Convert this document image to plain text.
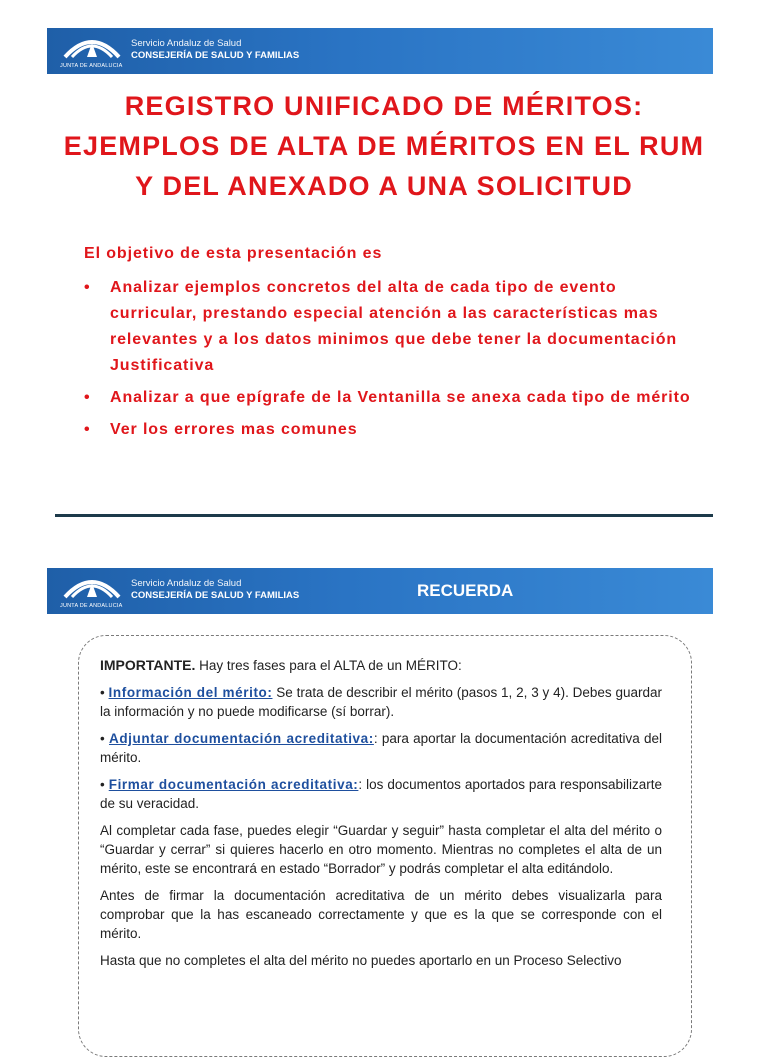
JUNTA DE ANDALUCIA
Servicio Andaluz de Salud
CONSEJERÍA DE SALUD Y FAMILIAS
REGISTRO UNIFICADO DE MÉRITOS:
EJEMPLOS DE ALTA DE MÉRITOS EN EL RUM
Y DEL ANEXADO A UNA SOLICITUD
El objetivo de esta presentación es
• Analizar ejemplos concretos del alta de cada tipo de evento curricular, prestando especial atención a las características mas relevantes y a los datos minimos que debe tener la documentación Justificativa
• Analizar a que epígrafe de la Ventanilla se anexa cada tipo de mérito
• Ver los errores mas comunes
JUNTA DE ANDALUCIA
Servicio Andaluz de Salud
CONSEJERÍA DE SALUD Y FAMILIAS	RECUERDA

IMPORTANTE. Hay tres fases para el ALTA de un MÉRITO:

• Información del mérito: Se trata de describir el mérito (pasos 1, 2, 3 y 4). Debes guardar la información y no puede modificarse (sí borrar).

• Adjuntar documentación acreditativa:: para aportar la documentación acreditativa del mérito.

• Firmar documentación acreditativa:: los documentos aportados para responsabilizarte de su veracidad.

Al completar cada fase, puedes elegir “Guardar y seguir” hasta completar el alta del mérito o “Guardar y cerrar” si quieres hacerlo en otro momento. Mientras no completes el alta de un mérito, este se encontrará en estado “Borrador” y podrás completar el alta editándolo.

Antes de firmar la documentación acreditativa de un mérito debes visualizarla para comprobar que la has escaneado correctamente y que es la que se corresponde con el mérito.

Hasta que no completes el alta del mérito no puedes aportarlo en un Proceso Selectivo
